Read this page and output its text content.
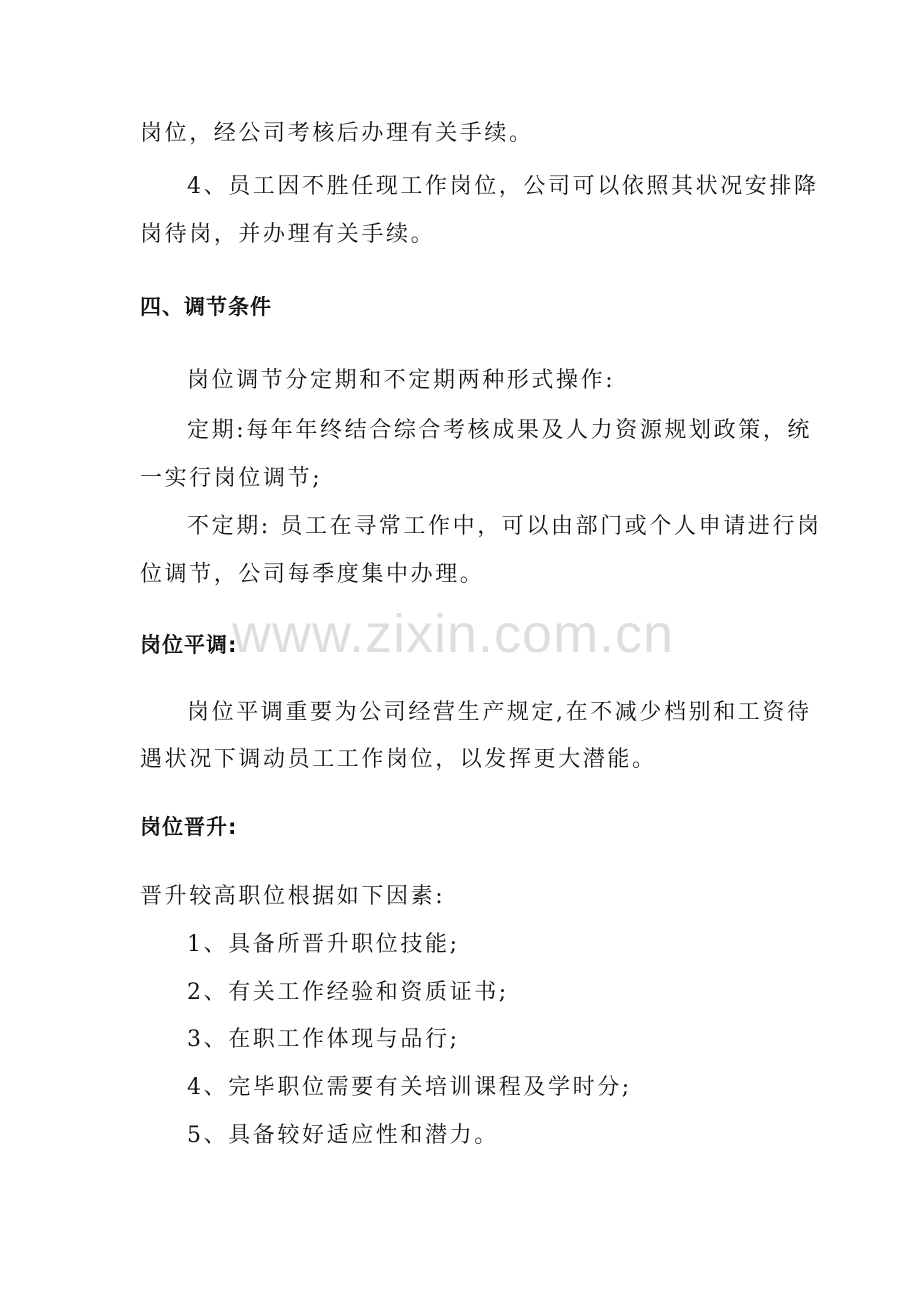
岗位，经公司考核后办理有关手续。
4、员工因不胜任现工作岗位，公司可以依照其状况安排降
岗待岗，并办理有关手续。
四、调节条件
岗位调节分定期和不定期两种形式操作:
定期:每年年终结合综合考核成果及人力资源规划政策，统
一实行岗位调节;
不定期: 员工在寻常工作中，可以由部门或个人申请进行岗
位调节，公司每季度集中办理。
www.zixin.com.cn
岗位平调:
岗位平调重要为公司经营生产规定,在不减少档别和工资待
遇状况下调动员工工作岗位，以发挥更大潜能。
岗位晋升:
晋升较高职位根据如下因素:
1、具备所晋升职位技能;
2、有关工作经验和资质证书;
3、在职工作体现与品行;
4、完毕职位需要有关培训课程及学时分;
5、具备较好适应性和潜力。
